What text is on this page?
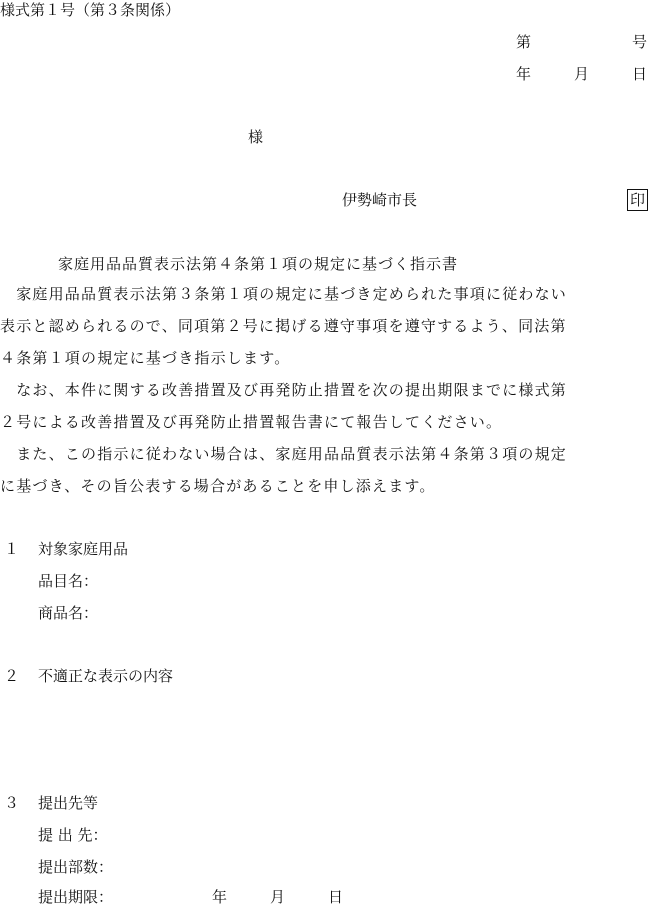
様式第１号（第３条関係）
第	号
年	月	日
様
伊勢崎市長	印
家庭用品品質表示法第４条第１項の規定に基づく指示書
　家庭用品品質表示法第３条第１項の規定に基づき定められた事項に従わない
表示と認められるので、同項第２号に掲げる遵守事項を遵守するよう、同法第
４条第１項の規定に基づき指示します。
　なお、本件に関する改善措置及び再発防止措置を次の提出期限までに様式第
２号による改善措置及び再発防止措置報告書にて報告してください。
　また、この指示に従わない場合は、家庭用品品質表示法第４条第３項の規定
に基づき、その旨公表する場合があることを申し添えます。
１ 対象家庭用品
品目名：
商品名：
２ 不適正な表示の内容
３ 提出先等
提 出 先：
提出部数：
提出期限：	年	月	日
